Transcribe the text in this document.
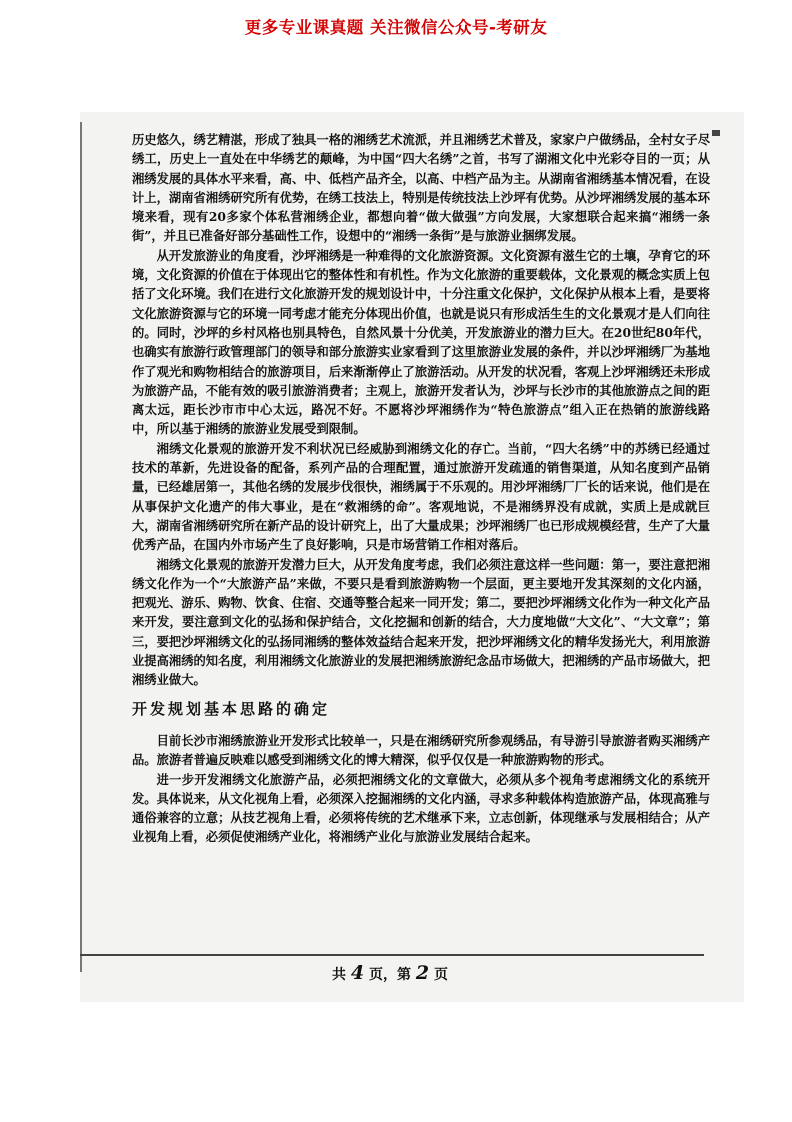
更多专业课真题 关注微信公众号-考研友

历史悠久，绣艺精湛，形成了独具一格的湘绣艺术流派，并且湘绣艺术普及，家家户户做绣品，全村女子尽绣工，历史上一直处在中华绣艺的颠峰，为中国“四大名绣”之首，书写了湖湘文化中光彩夺目的一页；从湘绣发展的具体水平来看，高、中、低档产品齐全，以高、中档产品为主。从湖南省湘绣基本情况看，在设计上，湖南省湘绣研究所有优势，在绣工技法上，特别是传统技法上沙坪有优势。从沙坪湘绣发展的基本环境来看，现有20多家个体私营湘绣企业，都想向着“做大做强”方向发展，大家想联合起来搞“湘绣一条街”，并且已准备好部分基础性工作，设想中的“湘绣一条街”是与旅游业捆绑发展。

从开发旅游业的角度看，沙坪湘绣是一种难得的文化旅游资源。文化资源有滋生它的土壤，孕育它的环境，文化资源的价值在于体现出它的整体性和有机性。作为文化旅游的重要载体，文化景观的概念实质上包括了文化环境。我们在进行文化旅游开发的规划设计中，十分注重文化保护，文化保护从根本上看，是要将文化旅游资源与它的环境一同考虑才能充分体现出价值，也就是说只有形成活生生的文化景观才是人们向往的。同时，沙坪的乡村风格也别具特色，自然风景十分优美，开发旅游业的潜力巨大。在20世纪80年代，也确实有旅游行政管理部门的领导和部分旅游实业家看到了这里旅游业发展的条件，并以沙坪湘绣厂为基地作了观光和购物相结合的旅游项目，后来渐渐停止了旅游活动。从开发的状况看，客观上沙坪湘绣还未形成为旅游产品，不能有效的吸引旅游消费者；主观上，旅游开发者认为，沙坪与长沙市的其他旅游点之间的距离太远，距长沙市市中心太远，路况不好。不愿将沙坪湘绣作为“特色旅游点”组入正在热销的旅游线路中，所以基于湘绣的旅游业发展受到限制。

湘绣文化景观的旅游开发不利状况已经威胁到湘绣文化的存亡。当前，“四大名绣”中的苏绣已经通过技术的革新，先进设备的配备，系列产品的合理配置，通过旅游开发疏通的销售渠道，从知名度到产品销量，已经雄居第一，其他名绣的发展步伐很快，湘绣属于不乐观的。用沙坪湘绣厂厂长的话来说，他们是在从事保护文化遗产的伟大事业，是在“救湘绣的命”。客观地说，不是湘绣界没有成就，实质上是成就巨大，湖南省湘绣研究所在新产品的设计研究上，出了大量成果；沙坪湘绣厂也已形成规模经营，生产了大量优秀产品，在国内外市场产生了良好影响，只是市场营销工作相对落后。

湘绣文化景观的旅游开发潜力巨大，从开发角度考虑，我们必须注意这样一些问题：第一，要注意把湘绣文化作为一个“大旅游产品”来做，不要只是看到旅游购物一个层面，更主要地开发其深刻的文化内涵，把观光、游乐、购物、饮食、住宿、交通等整合起来一同开发；第二，要把沙坪湘绣文化作为一种文化产品来开发，要注意到文化的弘扬和保护结合，文化挖掘和创新的结合，大力度地做“大文化”、“大文章”；第三，要把沙坪湘绣文化的弘扬同湘绣的整体效益结合起来开发，把沙坪湘绣文化的精华发扬光大，利用旅游业提高湘绣的知名度，利用湘绣文化旅游业的发展把湘绣旅游纪念品市场做大，把湘绣的产品市场做大，把湘绣业做大。

开发规划基本思路的确定

目前长沙市湘绣旅游业开发形式比较单一，只是在湘绣研究所参观绣品，有导游引导旅游者购买湘绣产品。旅游者普遍反映难以感受到湘绣文化的博大精深，似乎仅仅是一种旅游购物的形式。

进一步开发湘绣文化旅游产品，必须把湘绣文化的文章做大，必须从多个视角考虑湘绣文化的系统开发。具体说来，从文化视角上看，必须深入挖掘湘绣的文化内涵，寻求多种载体构造旅游产品，体现高雅与通俗兼容的立意；从技艺视角上看，必须将传统的艺术继承下来，立志创新，体现继承与发展相结合；从产业视角上看，必须促使湘绣产业化，将湘绣产业化与旅游业发展结合起来。

共 4 页，第 2 页
